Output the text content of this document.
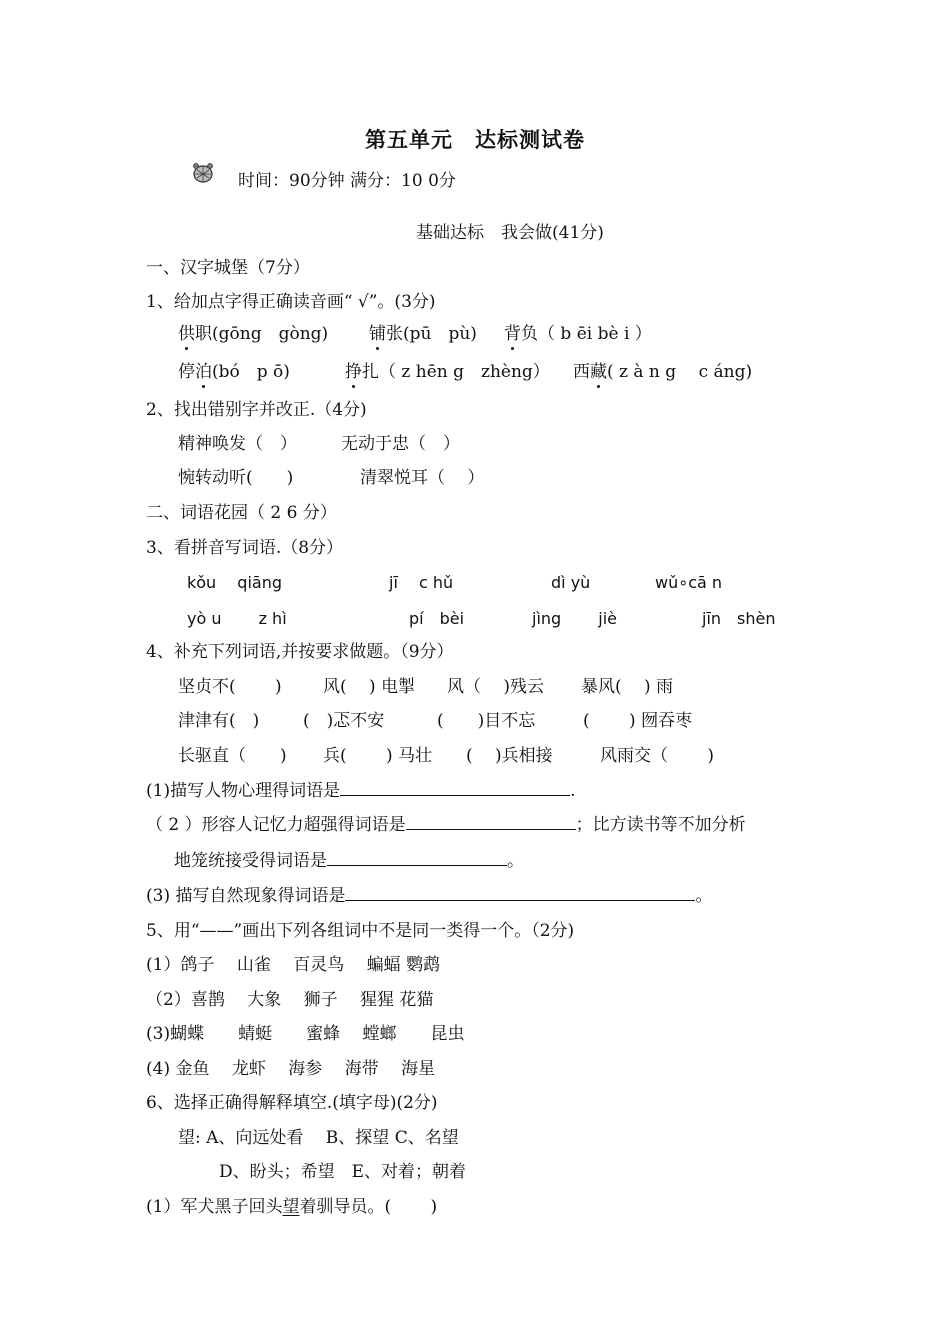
第五单元　达标测试卷
时间：90分钟 满分：10 0分
基础达标　我会做(41分)
一、汉字城堡（7分）
1、给加点字得正确读音画“ √”。(3分)
供职(gōng　gòng) 铺张(pū　pù) 背负（ b ēi bè i ）
停泊(bó　p ō)	挣扎（ z hēn g　zhèng） 西藏( z à n g　 c áng)
2、找出错别字并改正.（4分)
精神唤发（　）	无动于忠（　）
惋转动听(　　)	清翠悦耳（　 ）
二、词语花园（ 2 6 分）
3、看拼音写词语.（8分）
kǒu　 qiāng	jī　 c hǔ	dì yù	wǔ∘cā n
yò u　　 z hì	pí　bèi	jìng　　 jiè	jīn　shèn
4、补充下列词语,并按要求做题。（9分）
坚贞不(　　 ) 风(　 ) 电掣 风（　 )残云 暴风(　 ) 雨
津津有(　)	(　)忑不安	(　　)目不忘	(　　 ) 囫吞枣
长驱直（　　) 兵(　　 ) 马壮 (　 )兵相接	风雨交（　　 )
(1)描写人物心理得词语是	.
（ 2 ）形容人记忆力超强得词语是	；比方读书等不加分析
地笼统接受得词语是	。
(3) 描写自然现象得词语是	。
5、用“——”画出下列各组词中不是同一类得一个。（2分)
(1）鸽子　 山雀　 百灵鸟　 蝙蝠 鹦鹉
（2）喜鹊　 大象　 狮子　 猩猩 花猫
(3)蝴蝶　　蜻蜓　　蜜蜂　 螳螂　　昆虫
(4) 金鱼　 龙虾　 海参　 海带　 海星
6、选择正确得解释填空.(填字母)(2分)
望: A、向远处看　 B、探望 C、名望
D、盼头；希望　E、对着；朝着
(1）军犬黑子回头望着驯导员。(　　 )
